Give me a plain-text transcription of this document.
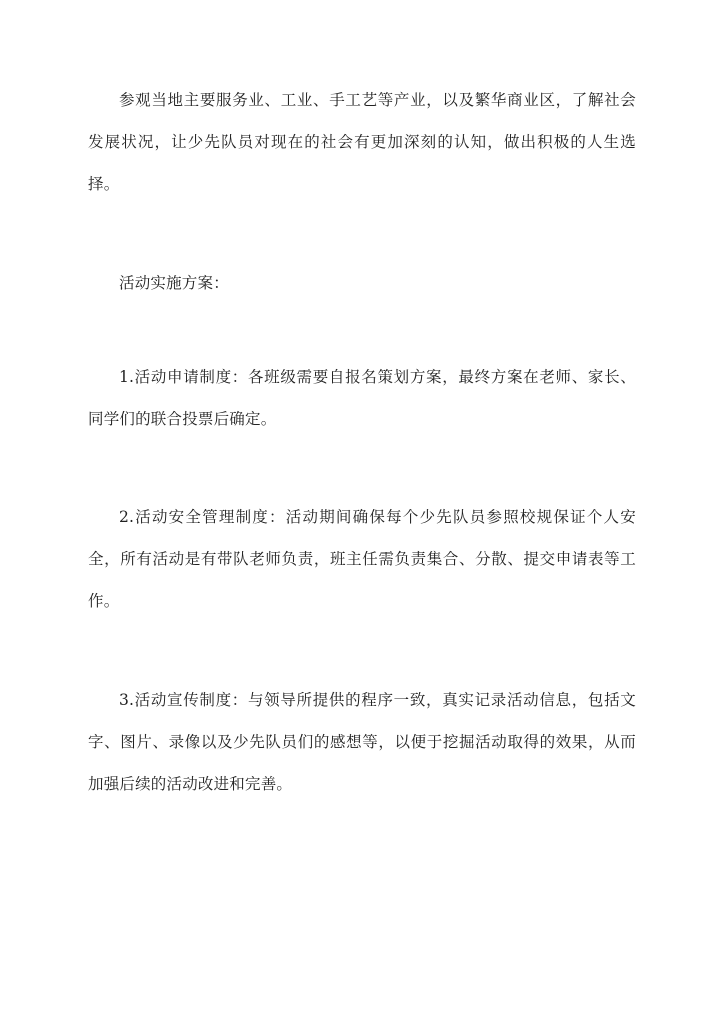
参观当地主要服务业、工业、手工艺等产业，以及繁华商业区，了解社会发展状况，让少先队员对现在的社会有更加深刻的认知，做出积极的人生选择。

活动实施方案：

1.活动申请制度：各班级需要自报名策划方案，最终方案在老师、家长、同学们的联合投票后确定。

2.活动安全管理制度：活动期间确保每个少先队员参照校规保证个人安全，所有活动是有带队老师负责，班主任需负责集合、分散、提交申请表等工作。

3.活动宣传制度：与领导所提供的程序一致，真实记录活动信息，包括文字、图片、录像以及少先队员们的感想等，以便于挖掘活动取得的效果，从而加强后续的活动改进和完善。
